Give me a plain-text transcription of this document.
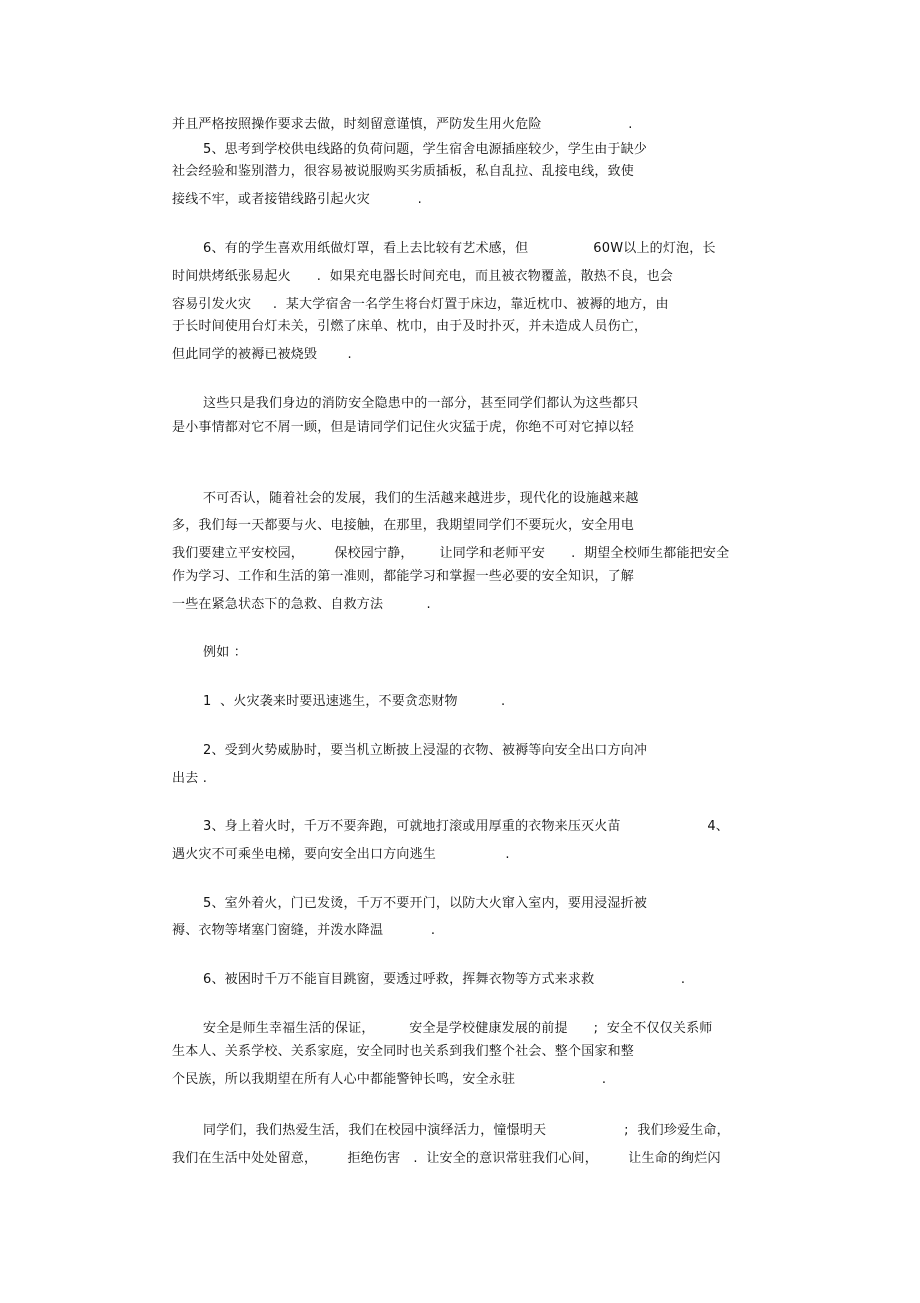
并且严格按照操作要求去做，时刻留意谨慎，严防发生用火危险                    .
5、思考到学校供电线路的负荷问题，学生宿舍电源插座较少，学生由于缺少
社会经验和鉴别潜力，很容易被说服购买劣质插板，私自乱拉、乱接电线，致使
接线不牢，或者接错线路引起火灾           .
6、有的学生喜欢用纸做灯罩，看上去比较有艺术感，但               60W以上的灯泡，长
时间烘烤纸张易起火      .  如果充电器长时间充电，而且被衣物覆盖，散热不良，也会
容易引发火灾     .  某大学宿舍一名学生将台灯置于床边，靠近枕巾、被褥的地方，由
于长时间使用台灯未关，引燃了床单、枕巾，由于及时扑灭，并未造成人员伤亡，
但此同学的被褥已被烧毁       .
这些只是我们身边的消防安全隐患中的一部分，甚至同学们都认为这些都只
是小事情都对它不屑一顾，但是请同学们记住火灾猛于虎，你绝不可对它掉以轻
不可否认，随着社会的发展，我们的生活越来越进步，现代化的设施越来越
多，我们每一天都要与火、电接触，在那里，我期望同学们不要玩火，安全用电
我们要建立平安校园，       保校园宁静，      让同学和老师平安      .  期望全校师生都能把安全
作为学习、工作和生活的第一准则，都能学习和掌握一些必要的安全知识，了解
一些在紧急状态下的急救、自救方法          .
例如 ：
1  、火灾袭来时要迅速逃生，不要贪恋财物          .
2、受到火势威胁时，要当机立断披上浸湿的衣物、被褥等向安全出口方向冲
出去 .
3、身上着火时，千万不要奔跑，可就地打滚或用厚重的衣物来压灭火苗                    4、
遇火灾不可乘坐电梯，要向安全出口方向逃生                .
5、室外着火，门已发烫，千万不要开门，以防大火窜入室内，要用浸湿折被
褥、衣物等堵塞门窗缝，并泼水降温           .
6、被困时千万不能盲目跳窗，要透过呼救，挥舞衣物等方式来求救                    .
安全是师生幸福生活的保证，        安全是学校健康发展的前提      ;  安全不仅仅关系师
生本人、关系学校、关系家庭，安全同时也关系到我们整个社会、整个国家和整
个民族，所以我期望在所有人心中都能警钟长鸣，安全永驻                    .
同学们，我们热爱生活，我们在校园中演绎活力，憧憬明天                  ;  我们珍爱生命，
我们在生活中处处留意，       拒绝伤害   .  让安全的意识常驻我们心间，       让生命的绚烂闪
